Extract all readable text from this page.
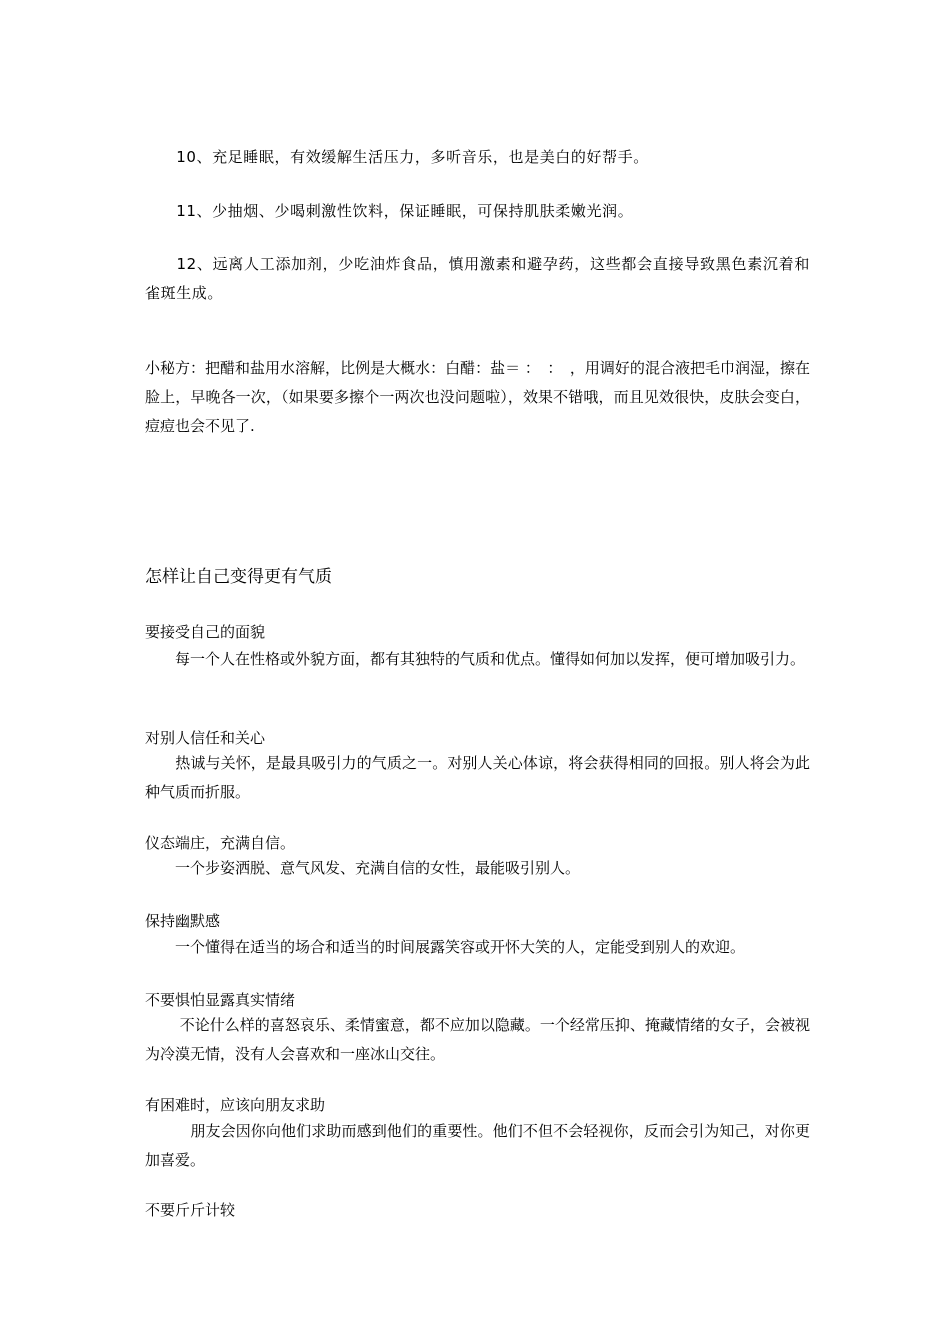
　　10、充足睡眠，有效缓解生活压力，多听音乐，也是美白的好帮手。

　　11、少抽烟、少喝刺激性饮料，保证睡眠，可保持肌肤柔嫩光润。

　　12、远离人工添加剂，少吃油炸食品，慎用激素和避孕药，这些都会直接导致黑色素沉着和雀斑生成。

小秘方：把醋和盐用水溶解，比例是大概水：白醋：盐＝ ：　：　，用调好的混合液把毛巾润湿，擦在脸上，早晚各一次，（如果要多擦个一两次也没问题啦），效果不错哦，而且见效很快，皮肤会变白，痘痘也会不见了.

怎样让自己变得更有气质
要接受自己的面貌

　　每一个人在性格或外貌方面，都有其独特的气质和优点。懂得如何加以发挥，便可增加吸引力。

对别人信任和关心

　　热诚与关怀，是最具吸引力的气质之一。对别人关心体谅，将会获得相同的回报。别人将会为此种气质而折服。

仪态端庄，充满自信。

　　一个步姿洒脱、意气风发、充满自信的女性，最能吸引别人。

保持幽默感

　　一个懂得在适当的场合和适当的时间展露笑容或开怀大笑的人，定能受到别人的欢迎。

不要惧怕显露真实情绪

　　 不论什么样的喜怒哀乐、柔情蜜意，都不应加以隐藏。一个经常压抑、掩藏情绪的女子，会被视为冷漠无情，没有人会喜欢和一座冰山交往。

有困难时，应该向朋友求助

　　　朋友会因你向他们求助而感到他们的重要性。他们不但不会轻视你，反而会引为知己，对你更加喜爱。

不要斤斤计较
